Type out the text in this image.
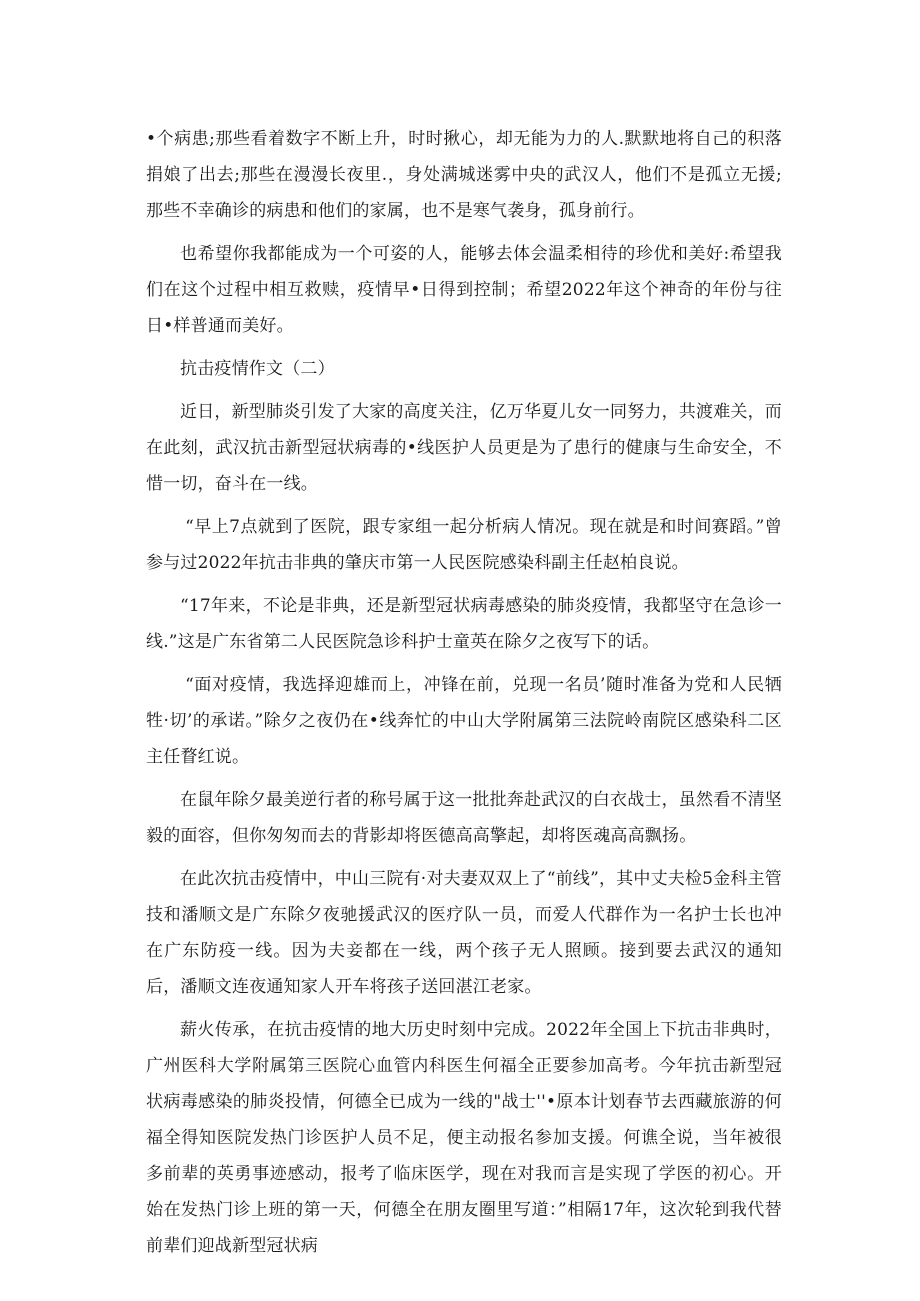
•个病患;那些看着数字不断上升，时时揪心，却无能为力的人.默默地将自己的积落捐娘了出去;那些在漫漫长夜里.，身处满城迷雾中央的武汉人，他们不是孤立无援;那些不幸确诊的病患和他们的家属，也不是寒气袭身，孤身前行。

也希望你我都能成为一个可姿的人，能够去体会温柔相待的珍优和美好:希望我们在这个过程中相互救赎，疫情早•日得到控制；希望2022年这个神奇的年份与往日•样普通而美好。

抗击疫情作文（二）

近日，新型肺炎引发了大家的高度关注，亿万华夏儿女一同努力，共渡难关，而在此刻，武汉抗击新型冠状病毒的•线医护人员更是为了患行的健康与生命安全，不惜一切，奋斗在一线。

“早上7点就到了医院，跟专家组一起分析病人情况。现在就是和时间赛蹈。”曾参与过2022年抗击非典的肇庆市第一人民医院感染科副主任赵柏良说。

“17年来，不论是非典，还是新型冠状病毒感染的肺炎疫情，我都坚守在急诊一线.”这是广东省第二人民医院急诊科护士童英在除夕之夜写下的话。

“面对疫情，我选择迎雄而上，冲锋在前，兑现一名员’随时准备为党和人民牺牲·切’的承诺。”除夕之夜仍在•线奔忙的中山大学附属第三法院岭南院区感染科二区主任瞀红说。

在鼠年除夕最美逆行者的称号属于这一批批奔赴武汉的白衣战士，虽然看不清坚毅的面容，但你匆匆而去的背影却将医德高高擎起，却将医魂高高飘扬。

在此次抗击疫情中，中山三院有·对夫妻双双上了“前线”，其中丈夫检5金科主管技和潘顺文是广东除夕夜驰援武汉的医疗队一员，而爱人代群作为一名护士长也冲在广东防疫一线。因为夫妾都在一线，两个孩子无人照顾。接到要去武汉的通知后，潘顺文连夜通知家人开车将孩子送回湛江老家。

薪火传承，在抗击疫情的地大历史时刻中完成。2022年全国上下抗击非典时，广州医科大学附属第三医院心血管内科医生何福全正要参加高考。今年抗击新型冠状病毒感染的肺炎投情，何德全已成为一线的"战士''•原本计划春节去西藏旅游的何福全得知医院发热门诊医护人员不足，便主动报名参加支援。何谯全说，当年被很多前辈的英勇事迹感动，报考了临床医学，现在对我而言是实现了学医的初心。开始在发热门诊上班的第一天，何德全在朋友圈里写道：”相隔17年，这次轮到我代替前辈们迎战新型冠状病
